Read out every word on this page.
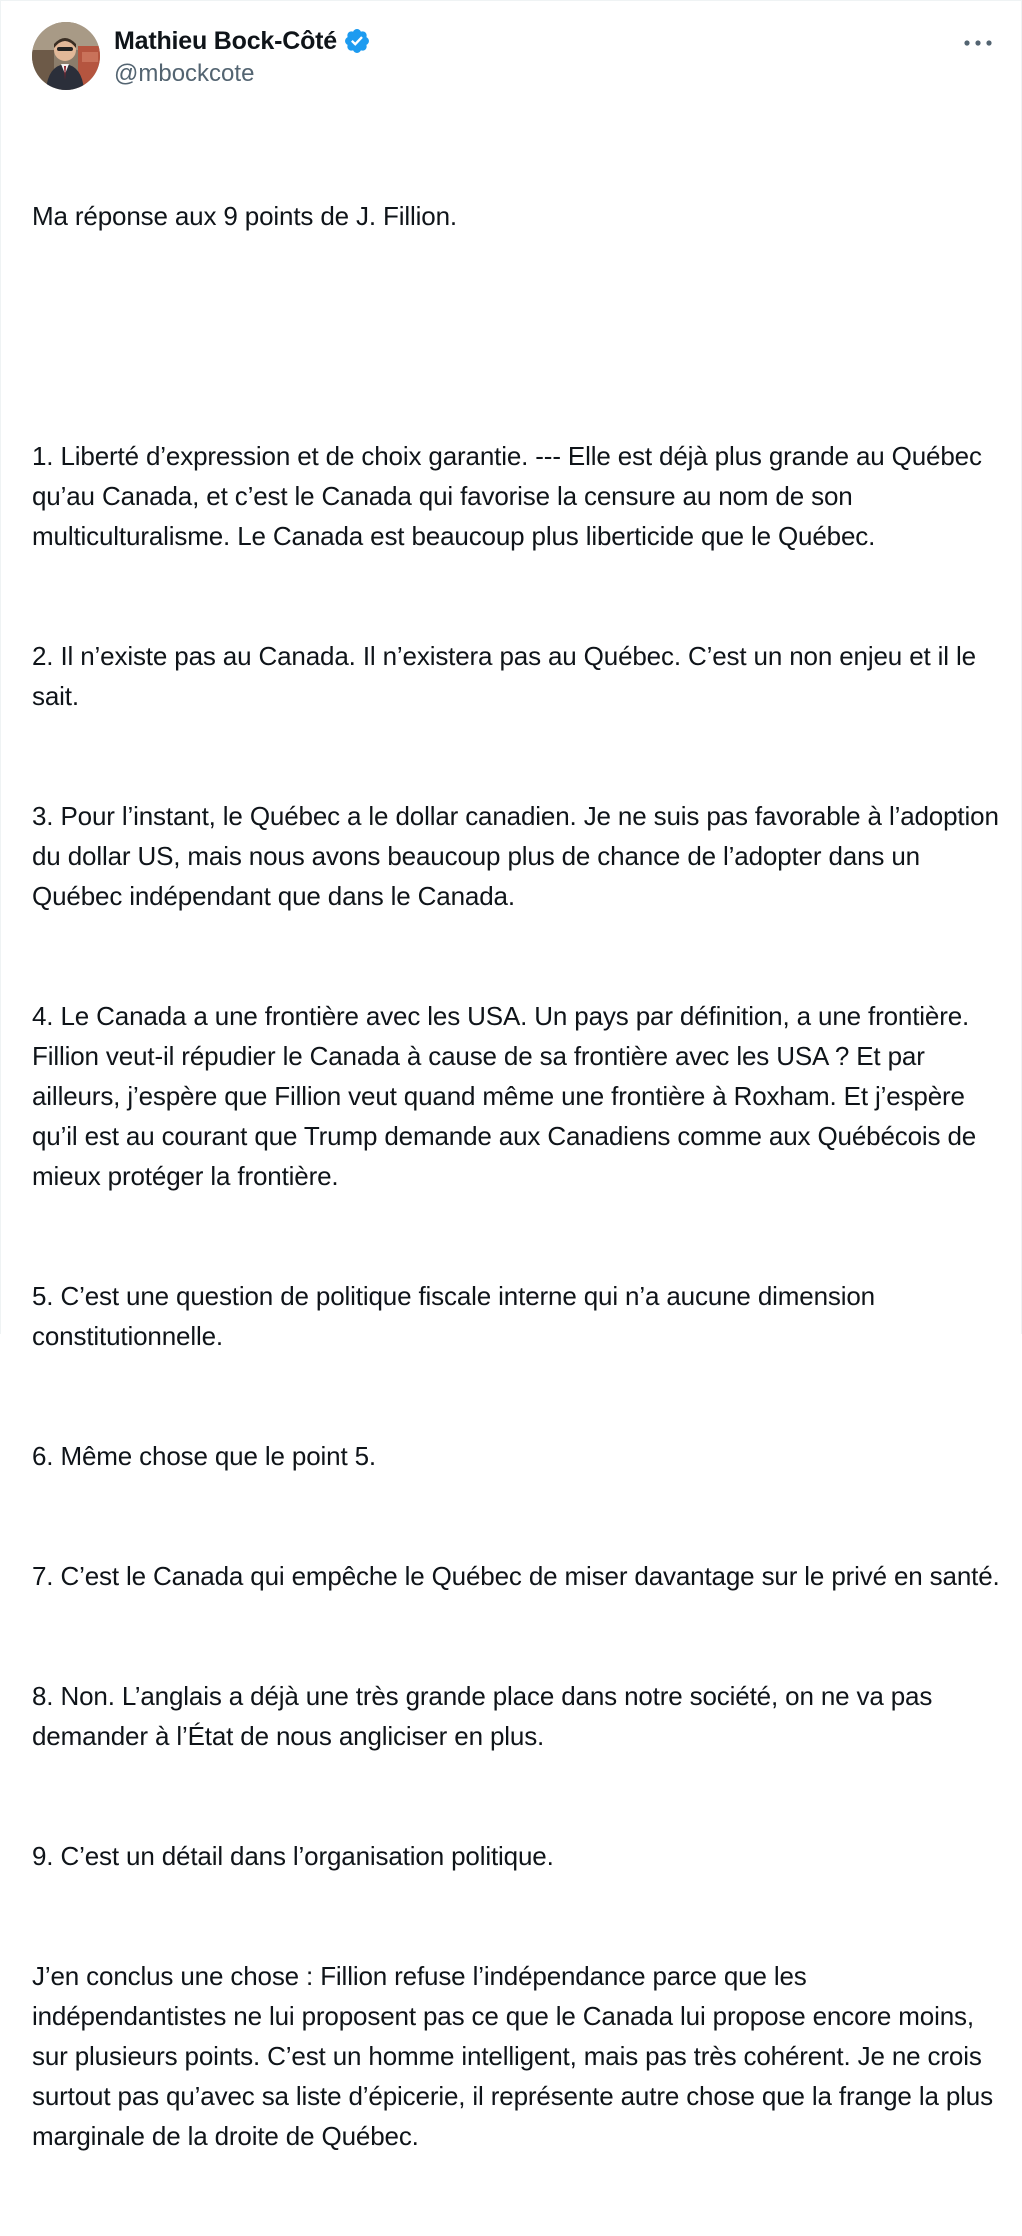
Mathieu Bock-Côté
@mbockcote

Ma réponse aux 9 points de J. Fillion.

1. Liberté d’expression et de choix garantie. --- Elle est déjà plus grande au Québec qu’au Canada, et c’est le Canada qui favorise la censure au nom de son multiculturalisme. Le Canada est beaucoup plus liberticide que le Québec.

2. Il n’existe pas au Canada. Il n’existera pas au Québec. C’est un non enjeu et il le sait.

3. Pour l’instant, le Québec a le dollar canadien. Je ne suis pas favorable à l’adoption du dollar US, mais nous avons beaucoup plus de chance de l’adopter dans un Québec indépendant que dans le Canada.

4. Le Canada a une frontière avec les USA. Un pays par définition, a une frontière. Fillion veut-il répudier le Canada à cause de sa frontière avec les USA ? Et par ailleurs, j’espère que Fillion veut quand même une frontière à Roxham. Et j’espère qu’il est au courant que Trump demande aux Canadiens comme aux Québécois de mieux protéger la frontière.

5. C’est une question de politique fiscale interne qui n’a aucune dimension constitutionnelle.

6. Même chose que le point 5.

7. C’est le Canada qui empêche le Québec de miser davantage sur le privé en santé.

8. Non. L’anglais a déjà une très grande place dans notre société, on ne va pas demander à l’État de nous angliciser en plus.

9. C’est un détail dans l’organisation politique.

J’en conclus une chose : Fillion refuse l’indépendance parce que les indépendantistes ne lui proposent pas ce que le Canada lui propose encore moins, sur plusieurs points. C’est un homme intelligent, mais pas très cohérent. Je ne crois surtout pas qu’avec sa liste d’épicerie, il représente autre chose que la frange la plus marginale de la droite de Québec.
